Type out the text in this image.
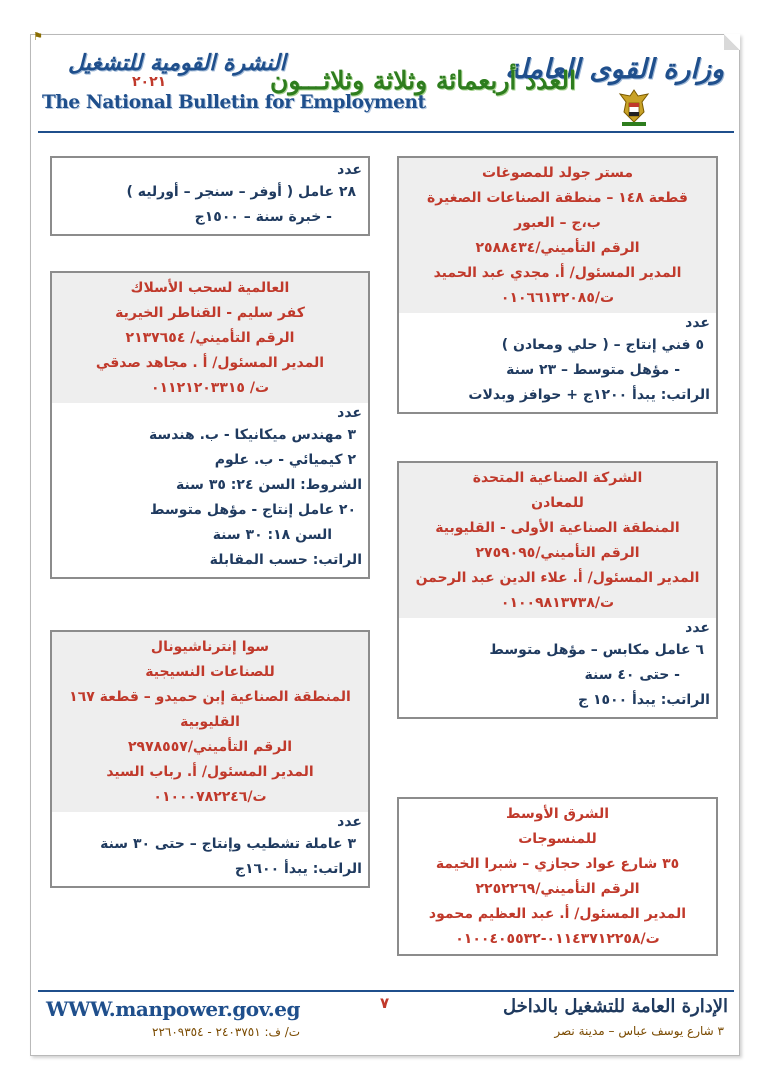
⚑
وزارة القوى العاملة
العدد أربعمائة وثلاثة وثلاثـــون
النشرة القومية للتشغيل
٢٠٢١
The National Bulletin for Employment
مستر جولد للمصوغات
قطعة ١٤٨ – منطقة الصناعات الصغيرة
ب،ج – العبور
الرقم التأميني/٢٥٨٨٤٣٤
المدير المسئول/ أ. مجدي عبد الحميد
ت/٠١٠٦٦١٣٢٠٨٥
عدد
٥ فني إنتاج – ( حلي ومعادن )
- مؤهل متوسط – ٢٣ سنة
الراتب: يبدأ ١٢٠٠ج + حوافز وبدلات
الشركة الصناعية المتحدة
للمعادن
المنطقة الصناعية الأولى - القليوبية
الرقم التأميني/٢٧٥٩٠٩٥
المدير المسئول/ أ. علاء الدين عبد الرحمن
ت/٠١٠٠٩٨١٣٧٣٨
عدد
٦ عامل مكابس – مؤهل متوسط
- حتى ٤٠ سنة
الراتب: يبدأ ١٥٠٠ ج
الشرق الأوسط
للمنسوجات
٣٥ شارع عواد حجازي – شبرا الخيمة
الرقم التأميني/٢٢٥٢٢٦٩
المدير المسئول/ أ. عبد العظيم محمود
ت/٠١١٤٣٧١٢٢٥٨-٠١٠٠٤٠٥٥٣٢
عدد
٢٨ عامل ( أوفر – سنجر – أورليه )
- خبرة سنة – ١٥٠٠ج
العالمية لسحب الأسلاك
كفر سليم - القناطر الخيرية
الرقم التأميني/ ٢١٣٧٦٥٤
المدير المسئول/ أ . مجاهد صدقي
ت/ ٠١١٢١٢٠٣٣١٥
عدد
٣ مهندس ميكانيكا - ب. هندسة
٢ كيميائي - ب. علوم
الشروط: السن ٢٤: ٣٥ سنة
٢٠ عامل إنتاج - مؤهل متوسط
السن ١٨: ٣٠ سنة
الراتب: حسب المقابلة
سوا إنترناشيونال
للصناعات النسيجية
المنطقة الصناعية إبن حميدو – قطعة ١٦٧
القليوبية
الرقم التأميني/٢٩٧٨٥٥٧
المدير المسئول/ أ. رباب السيد
ت/٠١٠٠٠٧٨٢٢٤٦
عدد
٣ عاملة تشطيب وإنتاج – حتى ٣٠ سنة
الراتب: يبدأ ١٦٠٠ج
WWW.manpower.gov.eg
ت/ ف: ٢٤٠٣٧٥١ - ٢٢٦٠٩٣٥٤
٧	الإدارة العامة للتشغيل بالداخل
٣ شارع يوسف عباس – مدينة نصر
